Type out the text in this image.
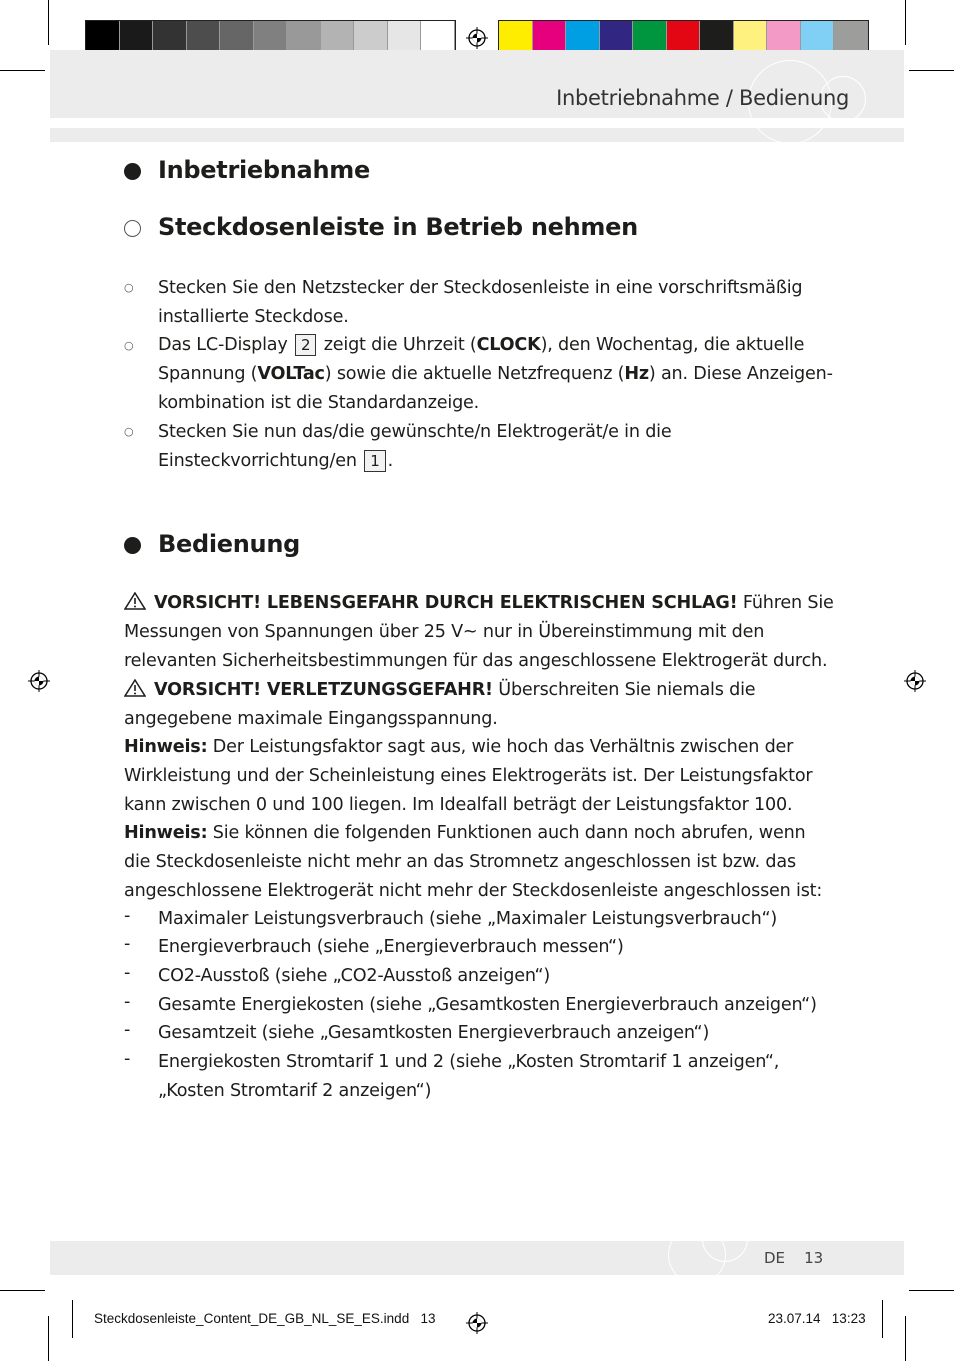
Inbetriebnahme / Bedienung
Inbetriebnahme
Steckdosenleiste in Betrieb nehmen
○ Stecken Sie den Netzstecker der Steckdosenleiste in eine vorschriftsmäßig installierte Steckdose.
○ Das LC-Display 2 zeigt die Uhrzeit (CLOCK), den Wochentag, die aktuelle Spannung (VOLTac) sowie die aktuelle Netzfrequenz (Hz) an. Diese Anzeigenkombination ist die Standardanzeige.
○ Stecken Sie nun das/die gewünschte/n Elektrogerät/e in die Einsteckvorrichtung/en 1 .
Bedienung
VORSICHT! LEBENSGEFAHR DURCH ELEKTRISCHEN SCHLAG! Führen Sie Messungen von Spannungen über 25 V~ nur in Übereinstimmung mit den relevanten Sicherheitsbestimmungen für das angeschlossene Elektrogerät durch.
VORSICHT! VERLETZUNGSGEFAHR! Überschreiten Sie niemals die angegebene maximale Eingangsspannung.
Hinweis: Der Leistungsfaktor sagt aus, wie hoch das Verhältnis zwischen der Wirkleistung und der Scheinleistung eines Elektrogeräts ist. Der Leistungsfaktor kann zwischen 0 und 100 liegen. Im Idealfall beträgt der Leistungsfaktor 100.
Hinweis: Sie können die folgenden Funktionen auch dann noch abrufen, wenn die Steckdosenleiste nicht mehr an das Stromnetz angeschlossen ist bzw. das angeschlossene Elektrogerät nicht mehr der Steckdosenleiste angeschlossen ist:
- Maximaler Leistungsverbrauch (siehe „Maximaler Leistungsverbrauch“)
- Energieverbrauch (siehe „Energieverbrauch messen“)
- CO2-Ausstoß (siehe „CO2-Ausstoß anzeigen“)
- Gesamte Energiekosten (siehe „Gesamtkosten Energieverbrauch anzeigen“)
- Gesamtzeit (siehe „Gesamtkosten Energieverbrauch anzeigen“)
- Energiekosten Stromtarif 1 und 2 (siehe „Kosten Stromtarif 1 anzeigen“, „Kosten Stromtarif 2 anzeigen“)
DE 13
Steckdosenleiste_Content_DE_GB_NL_SE_ES.indd   13	23.07.14   13:23
